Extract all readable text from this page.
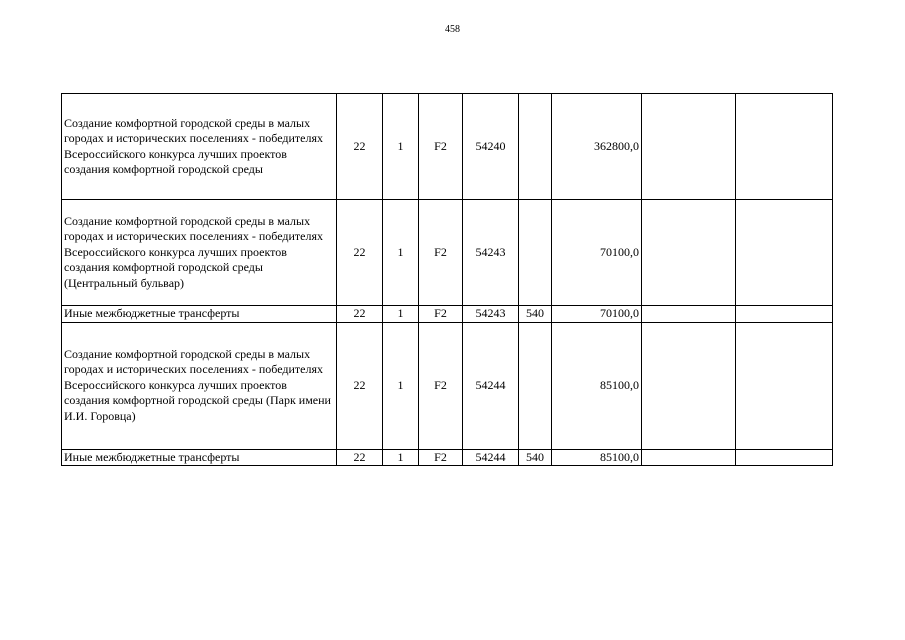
458
Создание комфортной городской среды в малых городах и исторических поселениях - победителях Всероссийского конкурса лучших проектов создания комфортной городской среды	22	1	F2	54240		362800,0		
Создание комфортной городской среды в малых городах и исторических поселениях - победителях Всероссийского конкурса лучших проектов создания комфортной городской среды (Центральный бульвар)	22	1	F2	54243		70100,0		
Иные межбюджетные трансферты	22	1	F2	54243	540	70100,0		
Создание комфортной городской среды в малых городах и исторических поселениях - победителях Всероссийского конкурса лучших проектов создания комфортной городской среды (Парк имени И.И. Горовца)	22	1	F2	54244		85100,0		
Иные межбюджетные трансферты	22	1	F2	54244	540	85100,0		
